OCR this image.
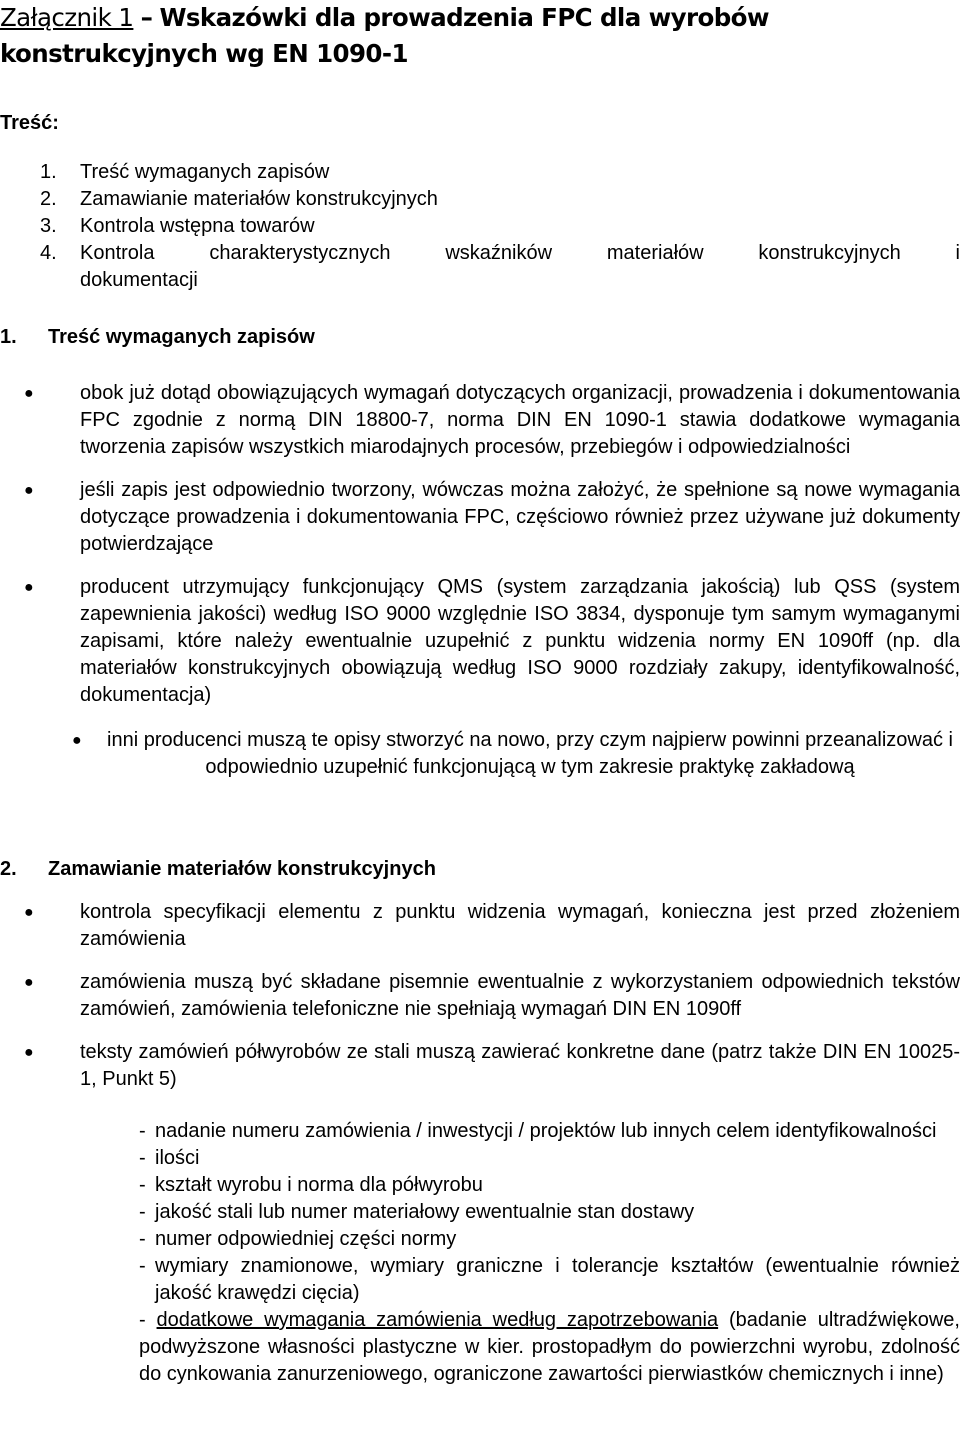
Załącznik 1 – Wskazówki dla prowadzenia FPC dla wyrobów
konstrukcyjnych wg EN 1090-1
Treść:
1.	Treść wymaganych zapisów
2.	Zamawianie materiałów konstrukcyjnych
3.	Kontrola wstępna towarów
4.	Kontrola charakterystycznych wskaźników materiałów konstrukcyjnych i
dokumentacji
1. Treść wymaganych zapisów
● obok już dotąd obowiązujących wymagań dotyczących organizacji, prowadzenia i dokumentowania FPC zgodnie z normą DIN 18800-7, norma DIN EN 1090-1 stawia dodatkowe wymagania tworzenia zapisów wszystkich miarodajnych procesów, przebiegów i odpowiedzialności
● jeśli zapis jest odpowiednio tworzony, wówczas można założyć, że spełnione są nowe wymagania dotyczące prowadzenia i dokumentowania FPC, częściowo również przez używane już dokumenty potwierdzające
● producent utrzymujący funkcjonujący QMS (system zarządzania jakością) lub QSS (system zapewnienia jakości) według ISO 9000 względnie ISO 3834, dysponuje tym samym wymaganymi zapisami, które należy ewentualnie uzupełnić z punktu widzenia normy EN 1090ff (np. dla materiałów konstrukcyjnych obowiązują według ISO 9000 rozdziały zakupy, identyfikowalność, dokumentacja)
● inni producenci muszą te opisy stworzyć na nowo, przy czym najpierw powinni przeanalizować i odpowiednio uzupełnić funkcjonującą w tym zakresie praktykę zakładową
2. Zamawianie materiałów konstrukcyjnych
● kontrola specyfikacji elementu z punktu widzenia wymagań, konieczna jest przed złożeniem zamówienia
● zamówienia muszą być składane pisemnie ewentualnie z wykorzystaniem odpowiednich tekstów zamówień, zamówienia telefoniczne nie spełniają wymagań DIN EN 1090ff
● teksty zamówień półwyrobów ze stali muszą zawierać konkretne dane (patrz także DIN EN 10025-1, Punkt 5)
- nadanie numeru zamówienia / inwestycji / projektów lub innych celem identyfikowalności
- ilości
- kształt wyrobu i norma dla półwyrobu
- jakość stali lub numer materiałowy ewentualnie stan dostawy
- numer odpowiedniej części normy
- wymiary znamionowe, wymiary graniczne i tolerancje kształtów (ewentualnie również jakość krawędzi cięcia)
- dodatkowe wymagania zamówienia według zapotrzebowania (badanie ultradźwiękowe, podwyższone własności plastyczne w kier. prostopadłym do powierzchni wyrobu, zdolność do cynkowania zanurzeniowego, ograniczone zawartości pierwiastków chemicznych i inne)
